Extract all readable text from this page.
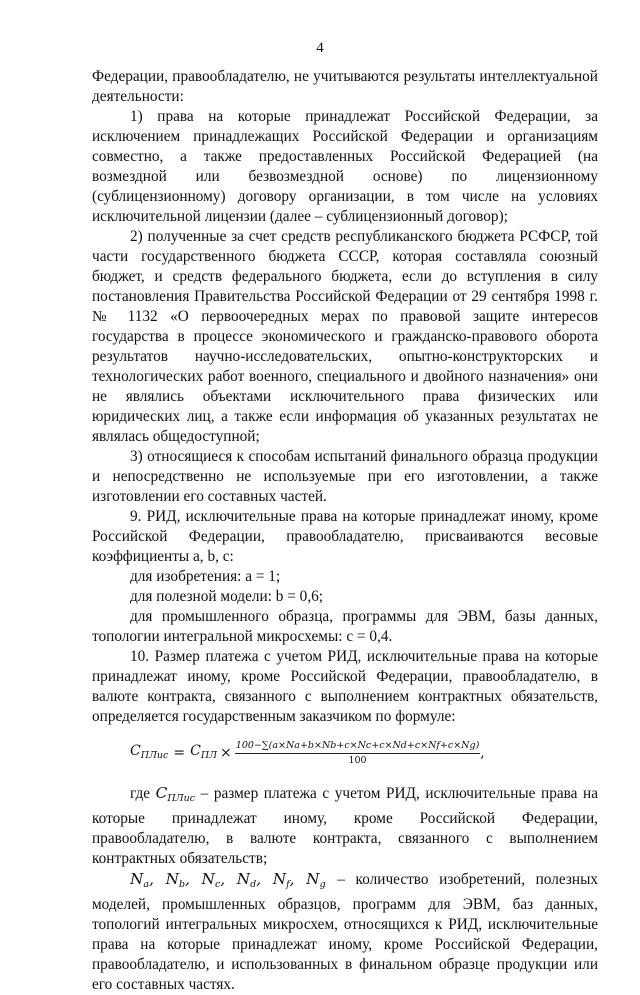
4

Федерации, правообладателю, не учитываются результаты интеллектуальной деятельности:

1) права на которые принадлежат Российской Федерации, за исключением принадлежащих Российской Федерации и организациям совместно, а также предоставленных Российской Федерацией (на возмездной или безвозмездной основе) по лицензионному (сублицензионному) договору организации, в том числе на условиях исключительной лицензии (далее – сублицензионный договор);

2) полученные за счет средств республиканского бюджета РСФСР, той части государственного бюджета СССР, которая составляла союзный бюджет, и средств федерального бюджета, если до вступления в силу постановления Правительства Российской Федерации от 29 сентября 1998 г. № 1132 «О первоочередных мерах по правовой защите интересов государства в процессе экономического и гражданско-правового оборота результатов научно-исследовательских, опытно-конструкторских и технологических работ военного, специального и двойного назначения» они не являлись объектами исключительного права физических или юридических лиц, а также если информация об указанных результатах не являлась общедоступной;

3) относящиеся к способам испытаний финального образца продукции и непосредственно не используемые при его изготовлении, а также изготовлении его составных частей.

9. РИД, исключительные права на которые принадлежат иному, кроме Российской Федерации, правообладателю, присваиваются весовые коэффициенты a, b, c:

для изобретения: a = 1;

для полезной модели: b = 0,6;

для промышленного образца, программы для ЭВМ, базы данных, топологии интегральной микросхемы: c = 0,4.

10. Размер платежа с учетом РИД, исключительные права на которые принадлежат иному, кроме Российской Федерации, правообладателю, в валюте контракта, связанного с выполнением контрактных обязательств, определяется государственным заказчиком по формуле:

$C_{ПЛис} = C_{ПЛ} \times \frac{100-\sum(a\times Na+b\times Nb+c\times Nc+c\times Nd+c\times Nf+c\times Ng)}{100}$ ,

где $C_{ПЛис}$ – размер платежа с учетом РИД, исключительные права на которые принадлежат иному, кроме Российской Федерации, правообладателю, в валюте контракта, связанного с выполнением контрактных обязательств;

$N_a$, $N_b$, $N_c$, $N_d$, $N_f$, $N_g$ – количество изобретений, полезных моделей, промышленных образцов, программ для ЭВМ, баз данных, топологий интегральных микросхем, относящихся к РИД, исключительные права на которые принадлежат иному, кроме Российской Федерации, правообладателю, и использованных в финальном образце продукции или его составных частях.
